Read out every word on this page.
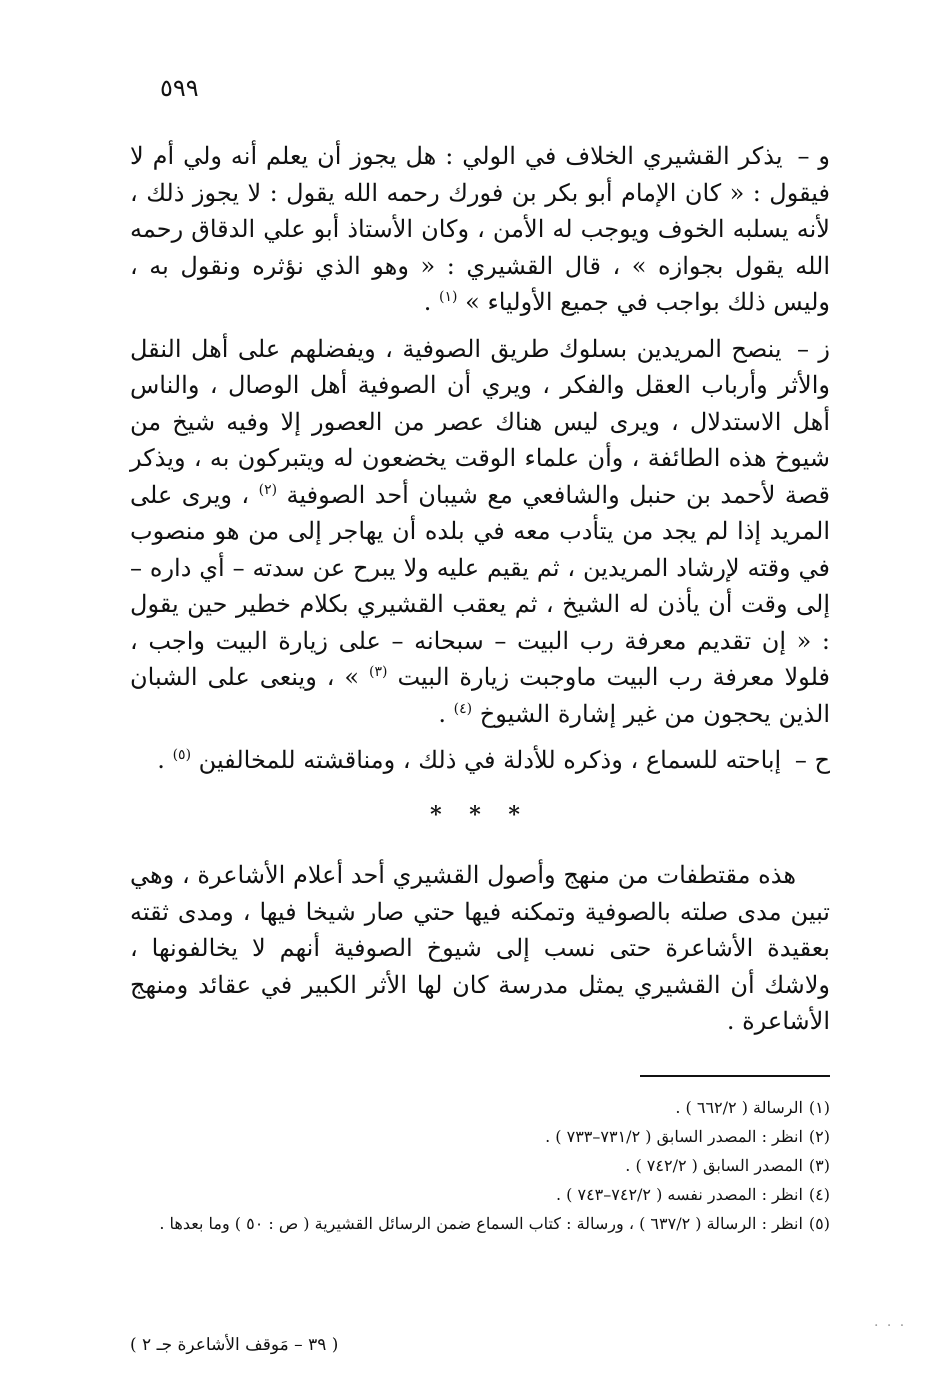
٥٩٩

و – يذكر القشيري الخلاف في الولي : هل يجوز أن يعلم أنه ولي أم لا فيقول : « كان الإمام أبو بكر بن فورك رحمه الله يقول : لا يجوز ذلك ، لأنه يسلبه الخوف ويوجب له الأمن ، وكان الأستاذ أبو علي الدقاق رحمه الله يقول بجوازه » ، قال القشيري : « وهو الذي نؤثره ونقول به ، وليس ذلك بواجب في جميع الأولياء » $^{(١)}$ .

ز – ينصح المريدين بسلوك طريق الصوفية ، ويفضلهم على أهل النقل والأثر وأرباب العقل والفكر ، ويري أن الصوفية أهل الوصال ، والناس أهل الاستدلال ، ويرى ليس هناك عصر من العصور إلا وفيه شيخ من شيوخ هذه الطائفة ، وأن علماء الوقت يخضعون له ويتبركون به ، ويذكر قصة لأحمد بن حنبل والشافعي مع شيبان أحد الصوفية $^{(٢)}$ ، ويرى على المريد إذا لم يجد من يتأدب معه في بلده أن يهاجر إلى من هو منصوب في وقته لإرشاد المريدين ، ثم يقيم عليه ولا يبرح عن سدته – أي داره – إلى وقت أن يأذن له الشيخ ، ثم يعقب القشيري بكلام خطير حين يقول : « إن تقديم معرفة رب البيت – سبحانه – على زيارة البيت واجب ، فلولا معرفة رب البيت ماوجبت زيارة البيت $^{(٣)}$ » ، وينعى على الشبان الذين يحجون من غير إشارة الشيوخ $^{(٤)}$ .

ح – إباحته للسماع ، وذكره للأدلة في ذلك ، ومناقشته للمخالفين $^{(٥)}$ .

* * *

هذه مقتطفات من منهج وأصول القشيري أحد أعلام الأشاعرة ، وهي تبين مدى صلته بالصوفية وتمكنه فيها حتي صار شيخا فيها ، ومدى ثقته بعقيدة الأشاعرة حتى نسب إلى شيوخ الصوفية أنهم لا يخالفونها ، ولاشك أن القشيري يمثل مدرسة كان لها الأثر الكبير في عقائد ومنهج الأشاعرة .

(١)الرسالة ( ٦٦٢/٢ ) .

(٢)انظر : المصدر السابق ( ٧٣١/٢–٧٣٣ ) .

(٣)المصدر السابق ( ٧٤٢/٢ ) .

(٤)انظر : المصدر نفسه ( ٧٤٢/٢–٧٤٣ ) .

(٥)انظر : الرسالة ( ٦٣٧/٢ ) ، ورسالة : كتاب السماع ضمن الرسائل القشيرية ( ص : ٥٠ ) وما بعدها .

( ٣٩ – مَوقف الأشاعرة جـ ٢ )
· · ·
